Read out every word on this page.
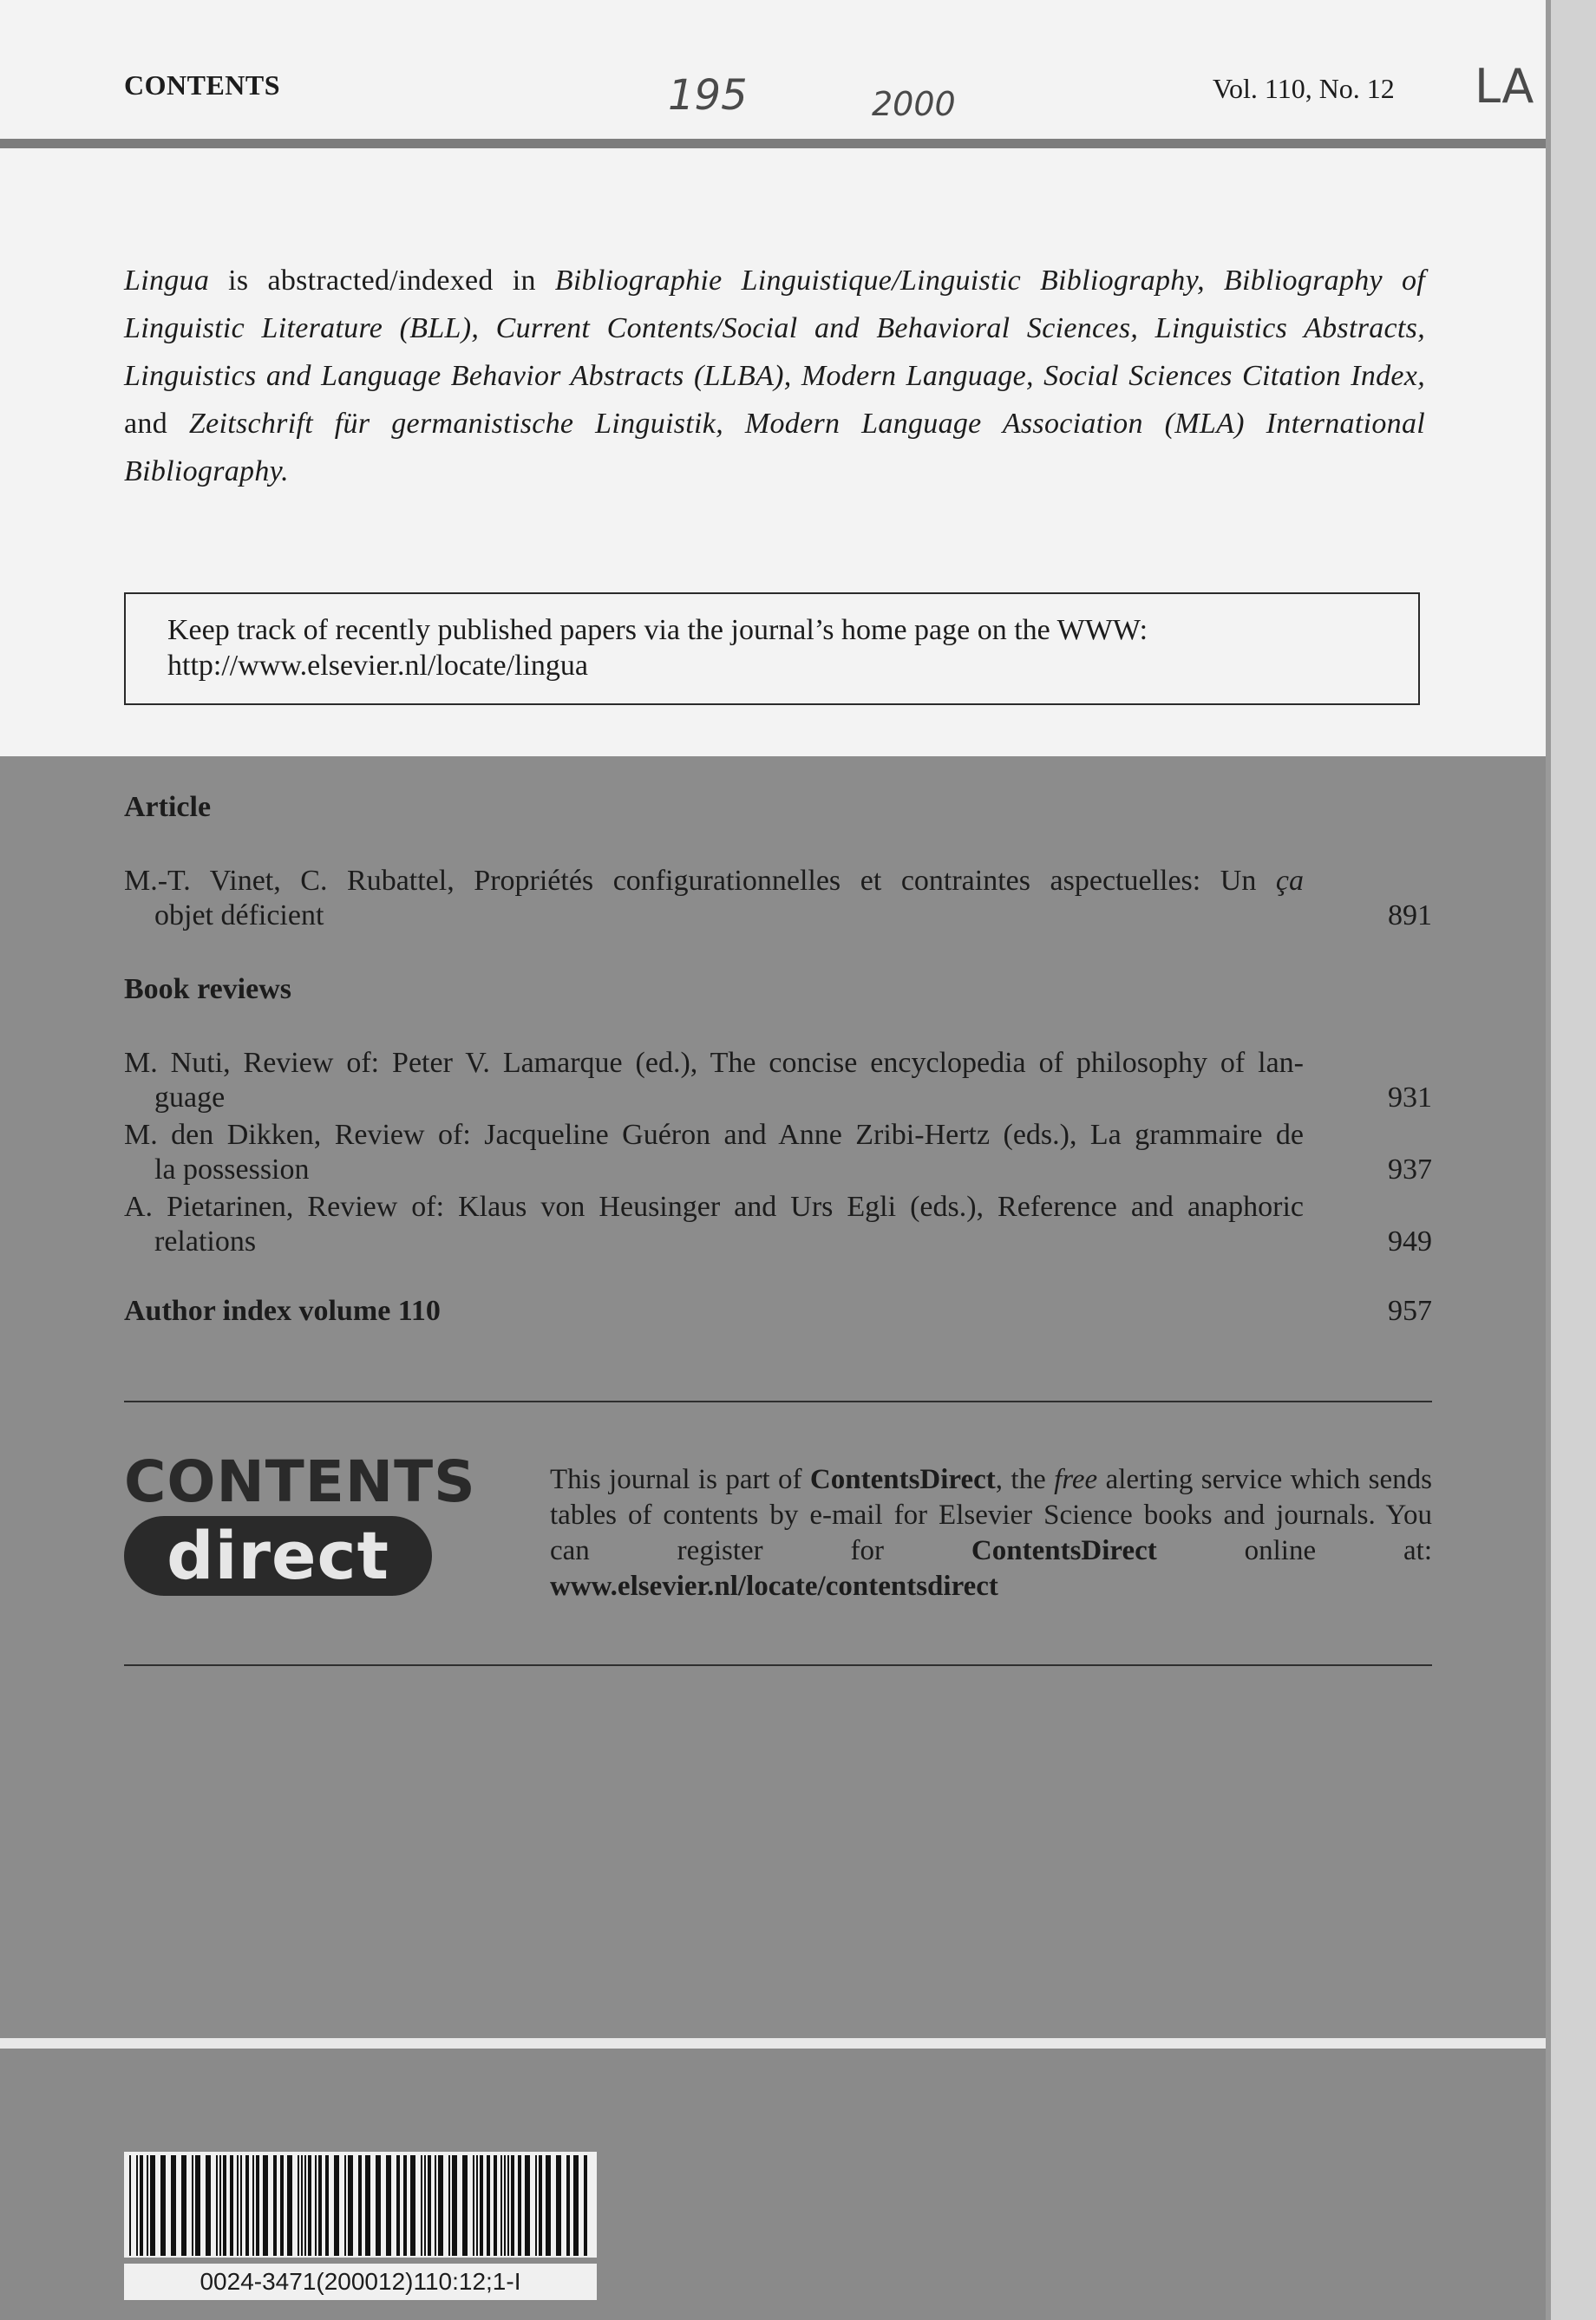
CONTENTS	Vol. 110, No. 12
195	2000	LA
Lingua is abstracted/indexed in Bibliographie Linguistique/Linguistic Bibliography, Bibliography of Linguistic Literature (BLL), Current Contents/Social and Behavioral Sciences, Linguistics Abstracts, Linguistics and Language Behavior Abstracts (LLBA), Modern Language, Social Sciences Citation Index, and Zeitschrift für germanistische Linguistik, Modern Language Association (MLA) International Bibliography.
Keep track of recently published papers via the journal’s home page on the WWW:
http://www.elsevier.nl/locate/lingua
Article
M.-T. Vinet, C. Rubattel, Propriétés configurationnelles et contraintes aspectuelles: Un ça
objet déficient	891
Book reviews
M. Nuti, Review of: Peter V. Lamarque (ed.), The concise encyclopedia of philosophy of lan-
guage	931
M. den Dikken, Review of: Jacqueline Guéron and Anne Zribi-Hertz (eds.), La grammaire de
la possession	937
A. Pietarinen, Review of: Klaus von Heusinger and Urs Egli (eds.), Reference and anaphoric
relations	949
Author index volume 110	957
CONTENTS
direct
This journal is part of ContentsDirect, the free alerting service which sends tables of contents by e-mail for Elsevier Science books and journals. You can register for ContentsDirect online at: www.elsevier.nl/locate/contentsdirect
0024-3471(200012)110:12;1-I
